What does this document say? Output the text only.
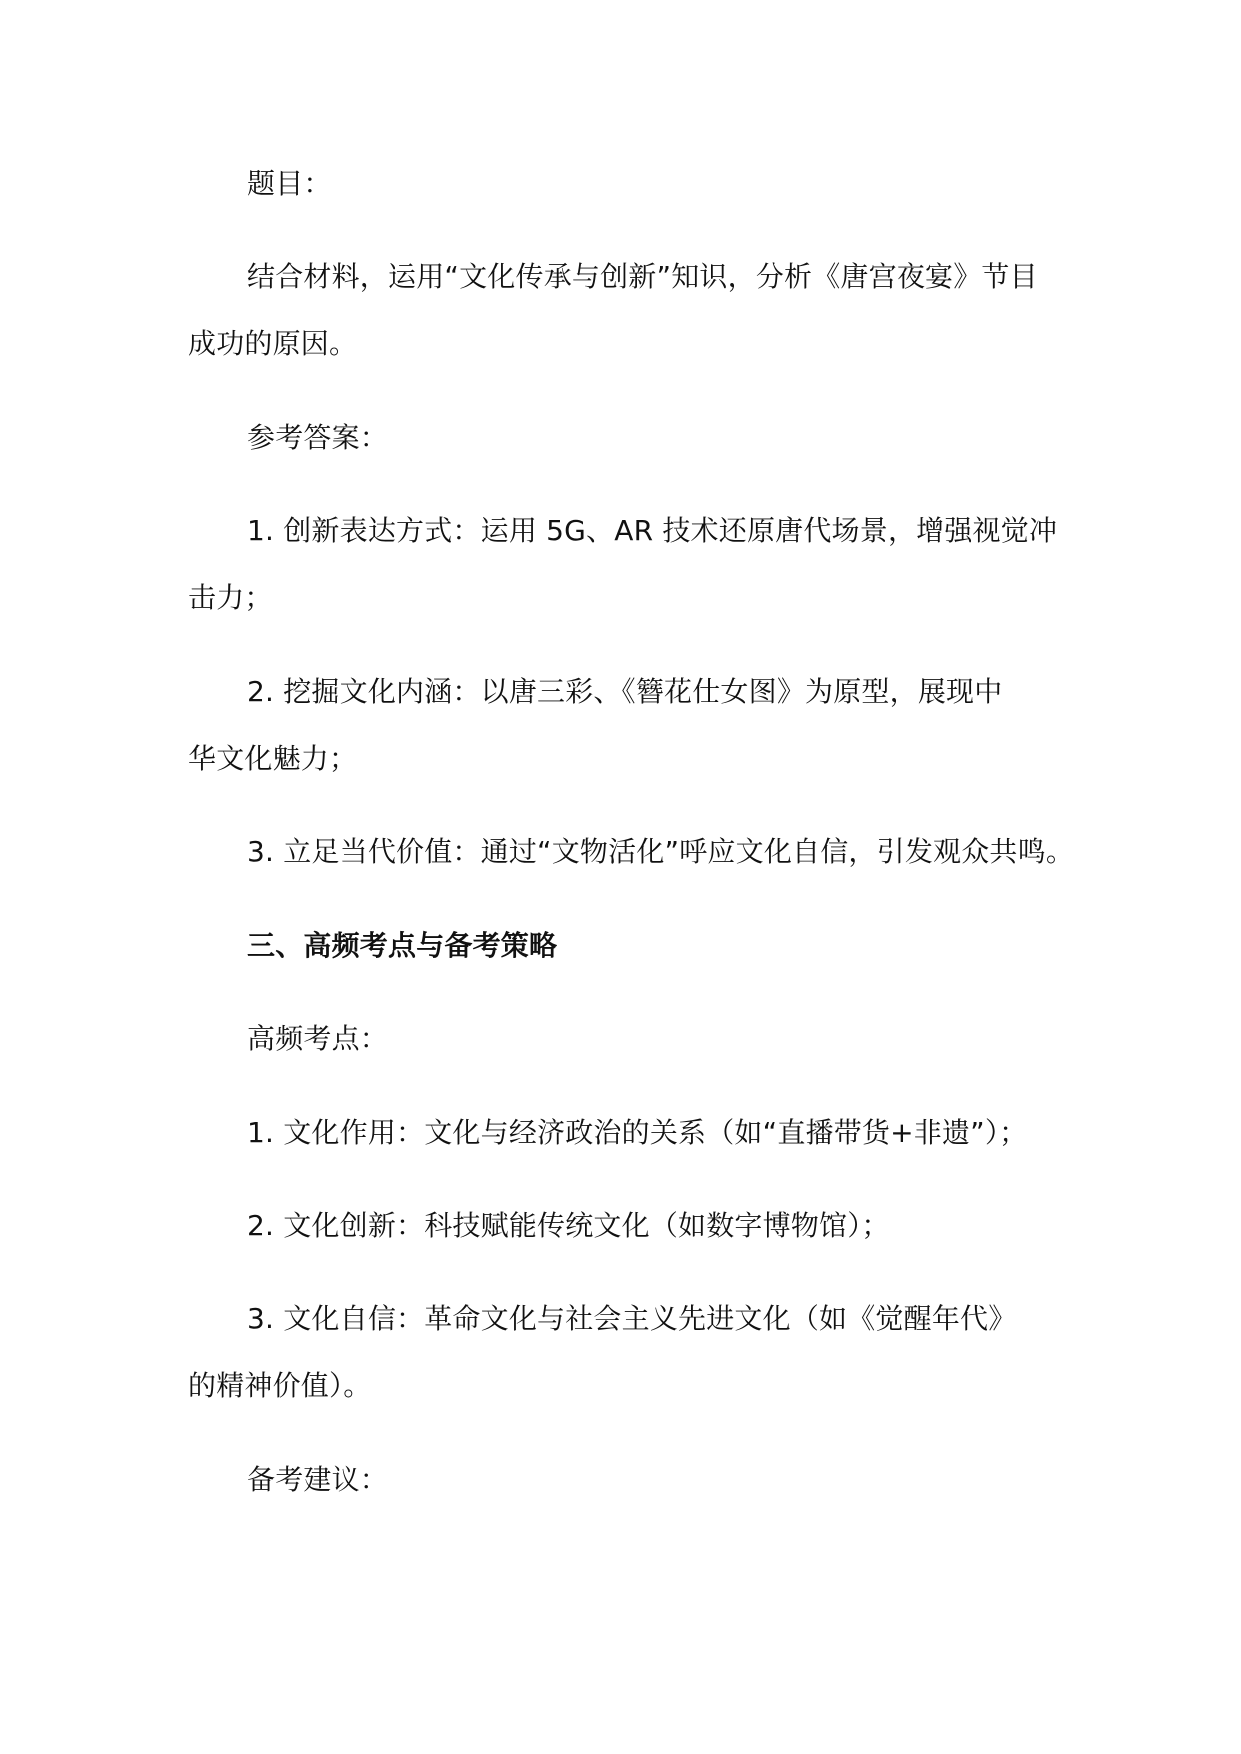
题目：
结合材料，运用“文化传承与创新”知识，分析《唐宫夜宴》节目
成功的原因。
参考答案：
1. 创新表达方式：运用 5G、AR 技术还原唐代场景，增强视觉冲
击力；
2. 挖掘文化内涵：以唐三彩、《簪花仕女图》为原型，展现中
华文化魅力；
3. 立足当代价值：通过“文物活化”呼应文化自信，引发观众共鸣。
三、高频考点与备考策略
高频考点：
1. 文化作用：文化与经济政治的关系（如“直播带货+非遗”）；
2. 文化创新：科技赋能传统文化（如数字博物馆）；
3. 文化自信：革命文化与社会主义先进文化（如《觉醒年代》
的精神价值）。
备考建议：
